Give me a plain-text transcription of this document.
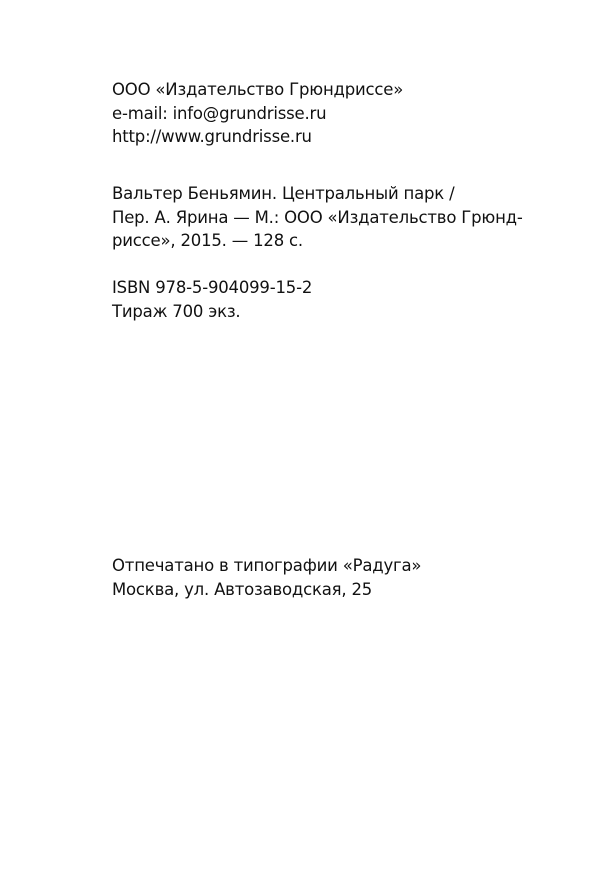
ООО «Издательство Грюндриссе»
e-mail: info@grundrisse.ru
http://www.grundrisse.ru
Вальтер Беньямин. Центральный парк /
Пер. А. Ярина — М.: ООО «Издательство Грюнд-
риссе», 2015. — 128 с.
ISBN 978-5-904099-15-2
Тираж 700 экз.
Отпечатано в типографии «Радуга»
Москва, ул. Автозаводская, 25
